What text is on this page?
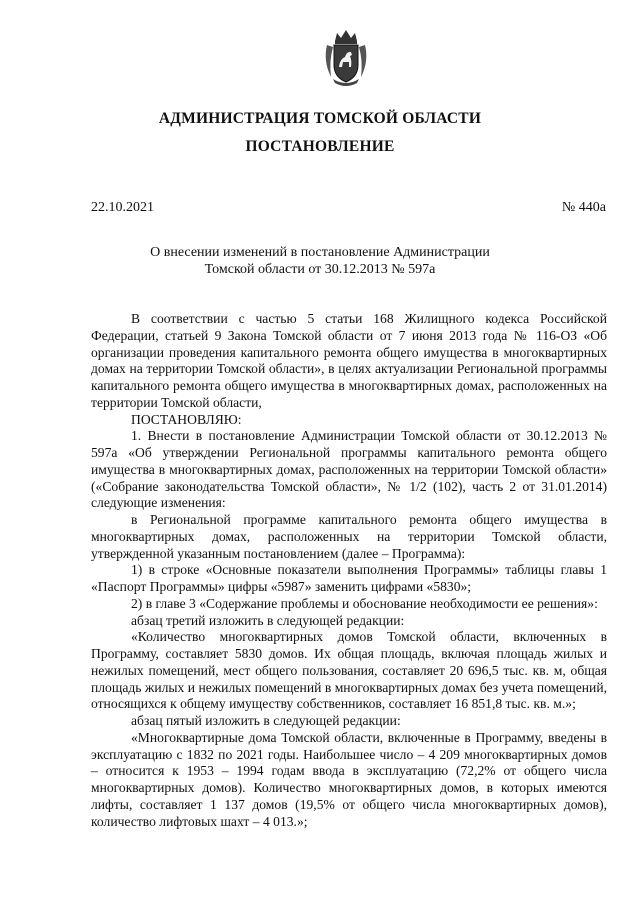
АДМИНИСТРАЦИЯ ТОМСКОЙ ОБЛАСТИ
ПОСТАНОВЛЕНИЕ
22.10.2021	№ 440а
О внесении изменений в постановление Администрации
Томской области от 30.12.2013 № 597а

В соответствии с частью 5 статьи 168 Жилищного кодекса Российской Федерации, статьей 9 Закона Томской области от 7 июня 2013 года № 116-ОЗ «Об организации проведения капитального ремонта общего имущества в многоквартирных домах на территории Томской области», в целях актуализации Региональной программы капитального ремонта общего имущества в многоквартирных домах, расположенных на территории Томской области,

ПОСТАНОВЛЯЮ:

1. Внести в постановление Администрации Томской области от 30.12.2013 № 597а «Об утверждении Региональной программы капитального ремонта общего имущества в многоквартирных домах, расположенных на территории Томской области» («Собрание законодательства Томской области», № 1/2 (102), часть 2 от 31.01.2014) следующие изменения:

в Региональной программе капитального ремонта общего имущества в многоквартирных домах, расположенных на территории Томской области, утвержденной указанным постановлением (далее – Программа):

1) в строке «Основные показатели выполнения Программы» таблицы главы 1 «Паспорт Программы» цифры «5987» заменить цифрами «5830»;

2) в главе 3 «Содержание проблемы и обоснование необходимости ее решения»:

абзац третий изложить в следующей редакции:

«Количество многоквартирных домов Томской области, включенных в Программу, составляет 5830 домов. Их общая площадь, включая площадь жилых и нежилых помещений, мест общего пользования, составляет 20 696,5 тыс. кв. м, общая площадь жилых и нежилых помещений в многоквартирных домах без учета помещений, относящихся к общему имуществу собственников, составляет 16 851,8 тыс. кв. м.»;

абзац пятый изложить в следующей редакции:

«Многоквартирные дома Томской области, включенные в Программу, введены в эксплуатацию с 1832 по 2021 годы. Наибольшее число – 4 209 многоквартирных домов – относится к 1953 – 1994 годам ввода в эксплуатацию (72,2% от общего числа многоквартирных домов). Количество многоквартирных домов, в которых имеются лифты, составляет 1 137 домов (19,5% от общего числа многоквартирных домов), количество лифтовых шахт – 4 013.»;
